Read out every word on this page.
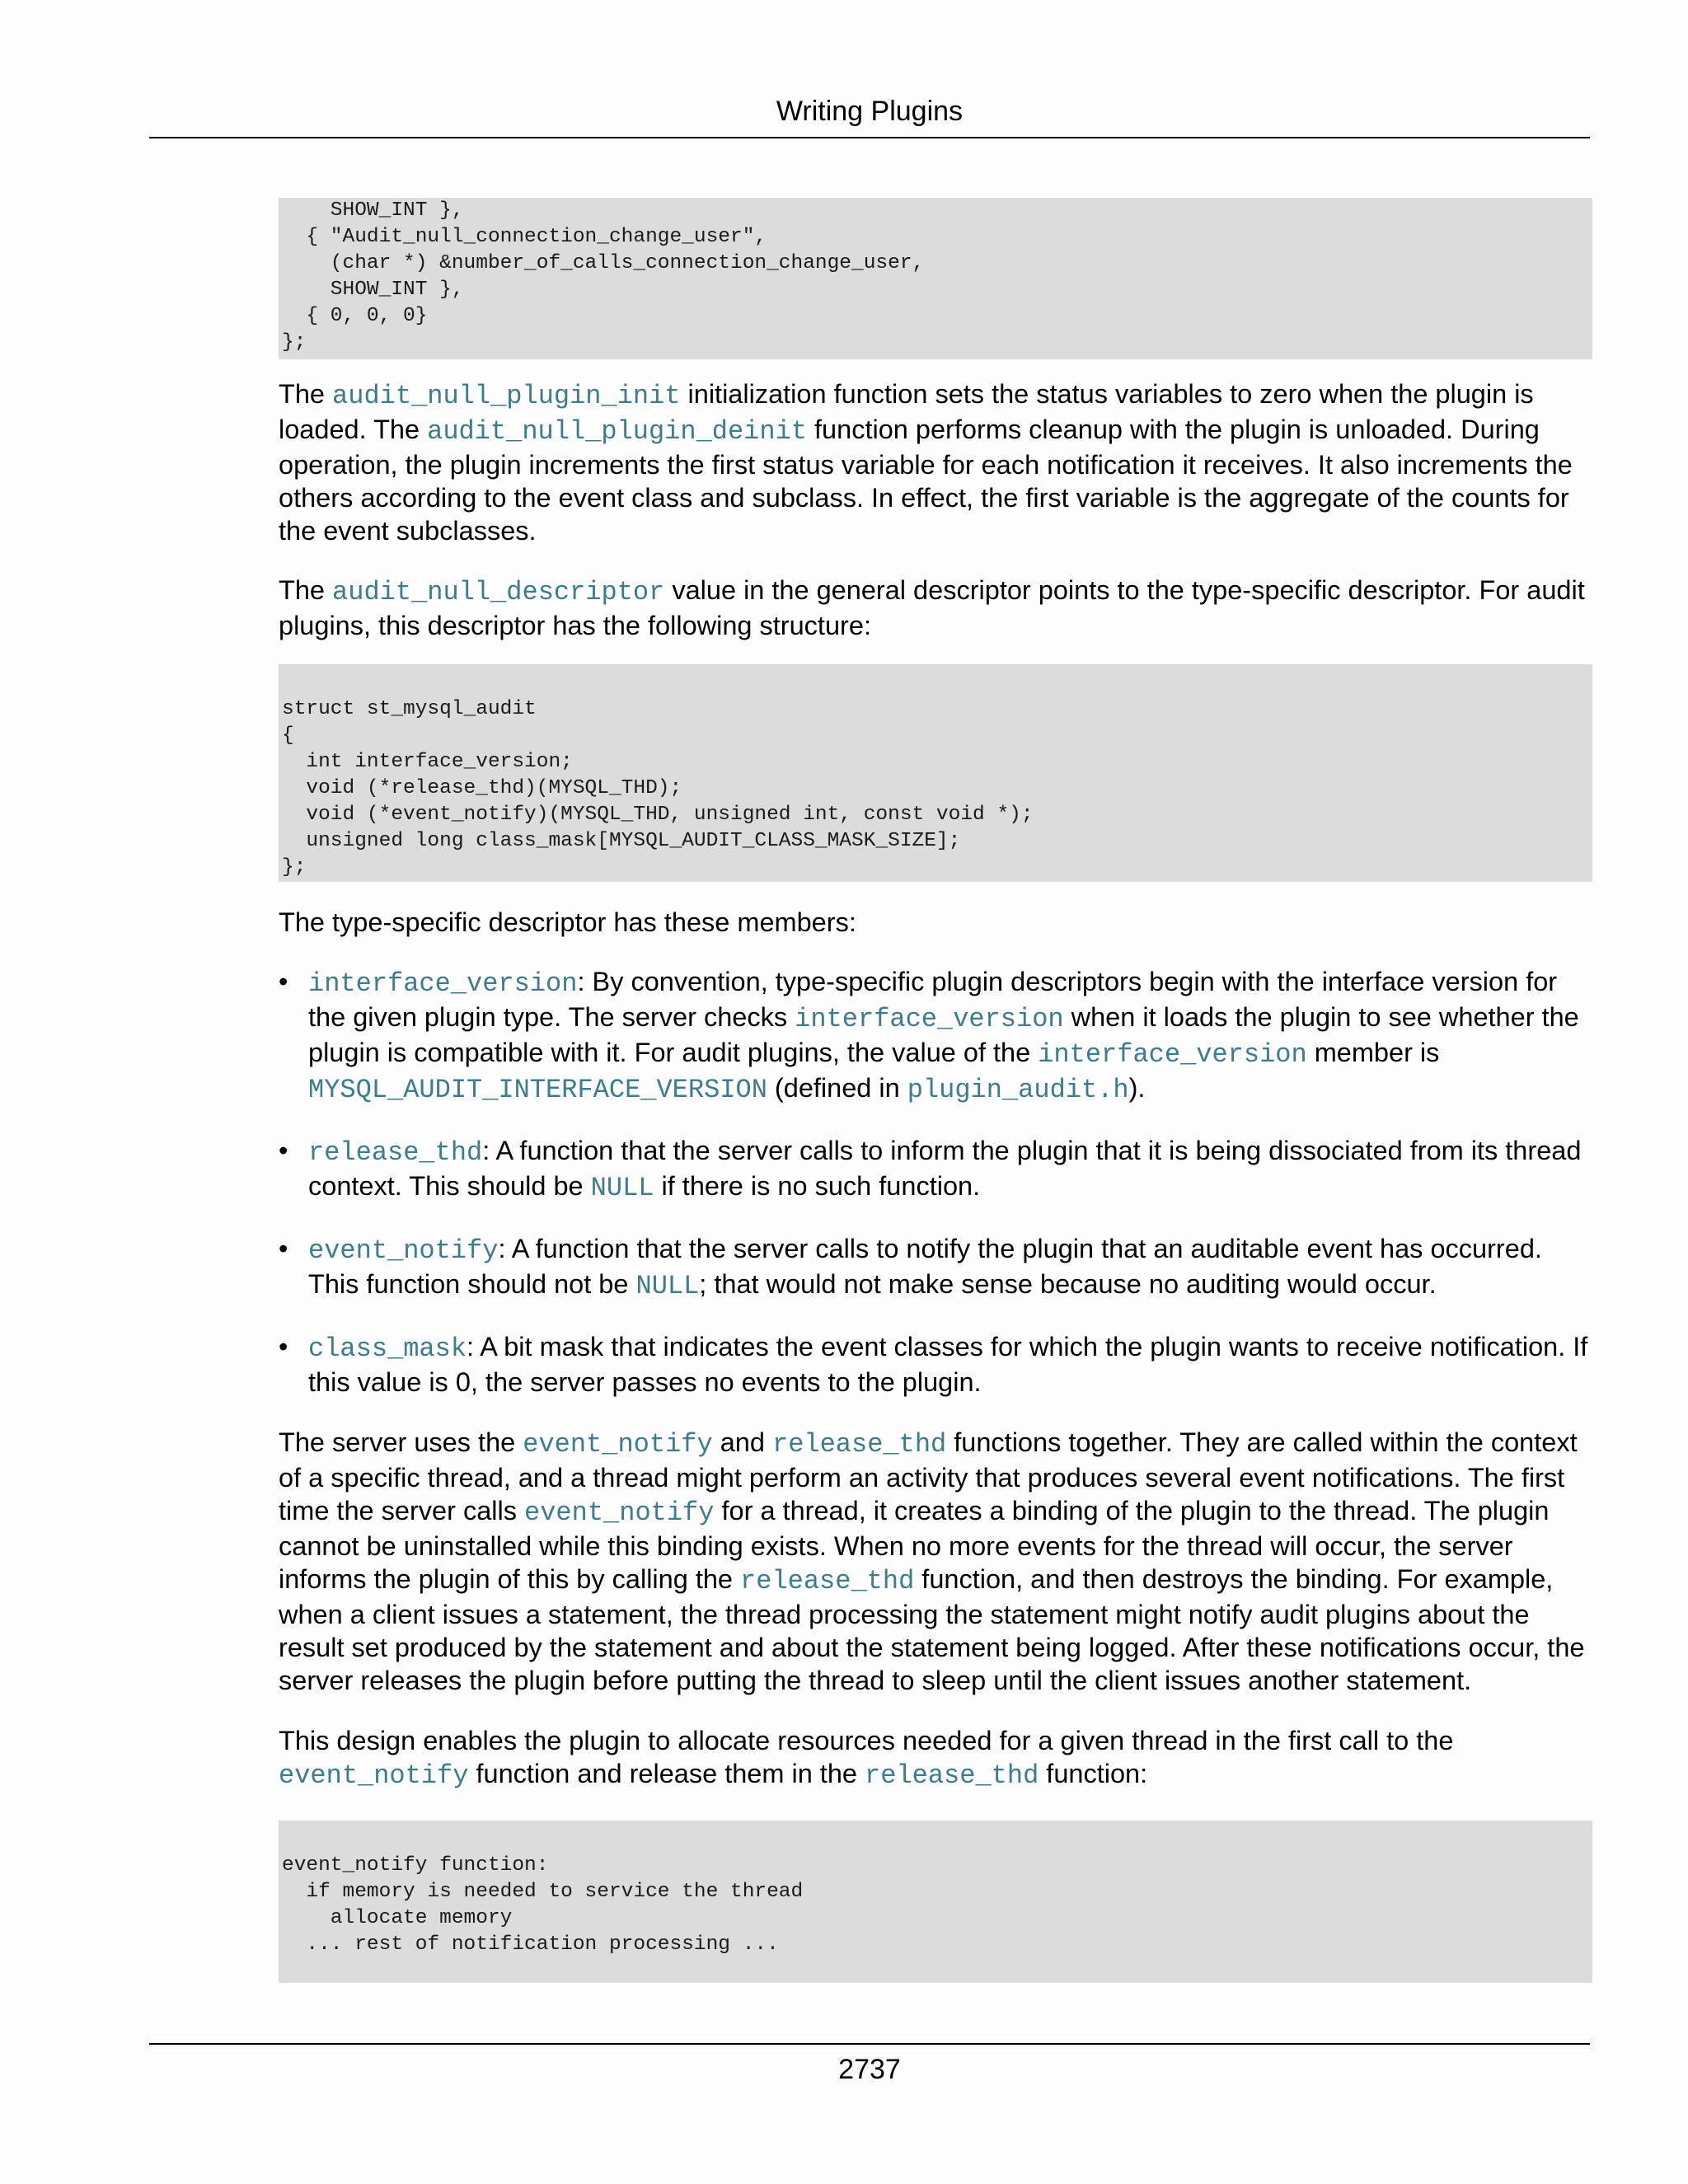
Writing Plugins
SHOW_INT },
{ "Audit_null_connection_change_user",
(char *) &number_of_calls_connection_change_user,
SHOW_INT },
{ 0, 0, 0}
};

The audit_null_plugin_init initialization function sets the status variables to zero when the plugin is loaded. The audit_null_plugin_deinit function performs cleanup with the plugin is unloaded. During operation, the plugin increments the first status variable for each notification it receives. It also increments the others according to the event class and subclass. In effect, the first variable is the aggregate of the counts for the event subclasses.

The audit_null_descriptor value in the general descriptor points to the type-specific descriptor. For audit plugins, this descriptor has the following structure:

struct st_mysql_audit
{
int interface_version;
void (*release_thd)(MYSQL_THD);
void (*event_notify)(MYSQL_THD, unsigned int, const void *);
unsigned long class_mask[MYSQL_AUDIT_CLASS_MASK_SIZE];
};

The type-specific descriptor has these members:

• interface_version: By convention, type-specific plugin descriptors begin with the interface version for the given plugin type. The server checks interface_version when it loads the plugin to see whether the plugin is compatible with it. For audit plugins, the value of the interface_version member is MYSQL_AUDIT_INTERFACE_VERSION (defined in plugin_audit.h).
• release_thd: A function that the server calls to inform the plugin that it is being dissociated from its thread context. This should be NULL if there is no such function.
• event_notify: A function that the server calls to notify the plugin that an auditable event has occurred. This function should not be NULL; that would not make sense because no auditing would occur.
• class_mask: A bit mask that indicates the event classes for which the plugin wants to receive notification. If this value is 0, the server passes no events to the plugin.

The server uses the event_notify and release_thd functions together. They are called within the context of a specific thread, and a thread might perform an activity that produces several event notifications. The first time the server calls event_notify for a thread, it creates a binding of the plugin to the thread. The plugin cannot be uninstalled while this binding exists. When no more events for the thread will occur, the server informs the plugin of this by calling the release_thd function, and then destroys the binding. For example, when a client issues a statement, the thread processing the statement might notify audit plugins about the result set produced by the statement and about the statement being logged. After these notifications occur, the server releases the plugin before putting the thread to sleep until the client issues another statement.

This design enables the plugin to allocate resources needed for a given thread in the first call to the event_notify function and release them in the release_thd function:

event_notify function:
if memory is needed to service the thread
allocate memory
... rest of notification processing ...
2737
